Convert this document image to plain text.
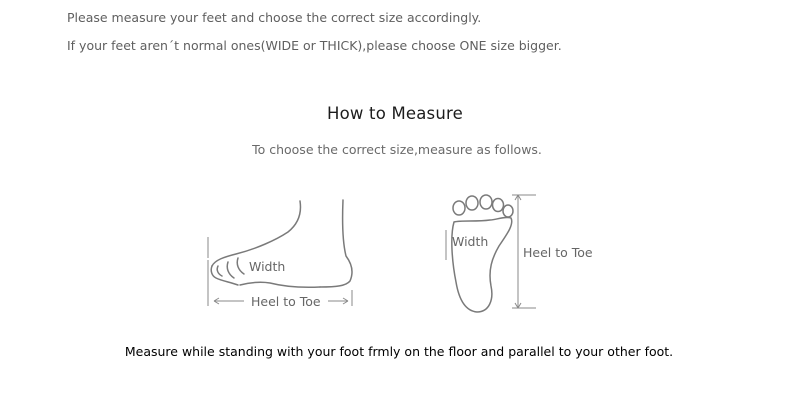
Please measure your feet and choose the correct size accordingly.
If your feet aren´t normal ones(WIDE or THICK),please choose ONE size bigger.
How to Measure
To choose the correct size,measure as follows.
Width
Heel to Toe
Width
Heel to Toe
Measure while standing with your foot frmly on the floor and parallel to your other foot.
